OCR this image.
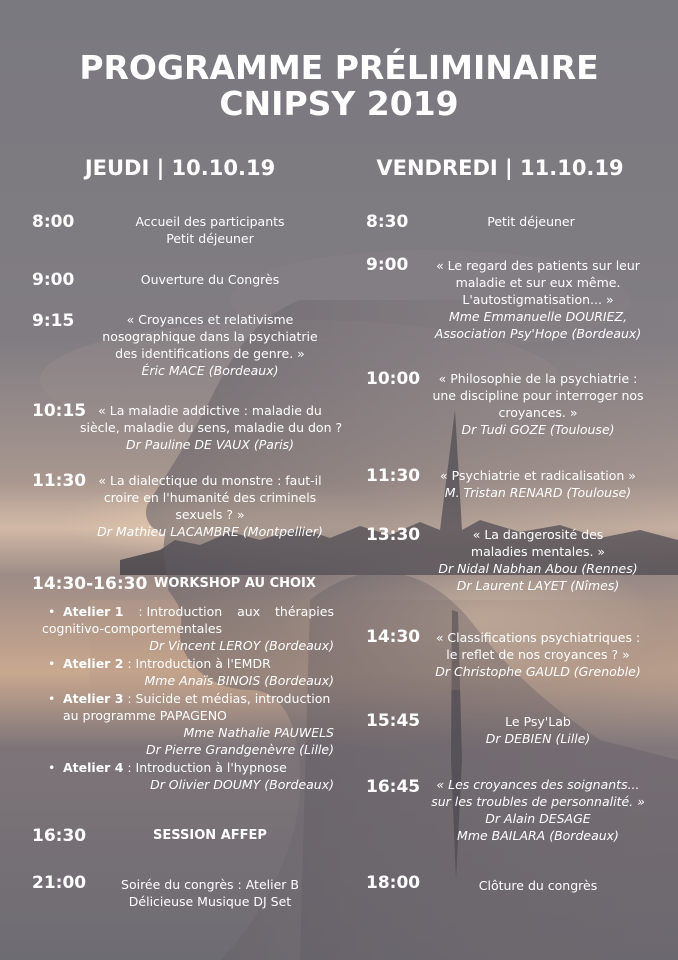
PROGRAMME PRÉLIMINAIRE
CNIPSY 2019
JEUDI | 10.10.19	VENDREDI | 11.10.19
8:00	Accueil des participants
Petit déjeuner
9:00	Ouverture du Congrès
9:15	« Croyances et relativisme
nosographique dans la psychiatrie
des identifications de genre. »
Éric MACE (Bordeaux)
10:15 « La maladie addictive : maladie du
siècle, maladie du sens, maladie du don ?
Dr Pauline DE VAUX (Paris)
11:30 « La dialectique du monstre : faut-il
croire en l'humanité des criminels
sexuels ? »
Dr Mathieu LACAMBRE (Montpellier)
14:30-16:30 WORKSHOP AU CHOIX
• Atelier 1 : Introduction aux thérapies
cognitivo-comportementales
Dr Vincent LEROY (Bordeaux)
• Atelier 2 : Introduction à l'EMDR
Mme Anaïs BINOIS (Bordeaux)
• Atelier 3 : Suicide et médias, introduction
au programme PAPAGENO
Mme Nathalie PAUWELS
Dr Pierre Grandgenèvre (Lille)
• Atelier 4 : Introduction à l'hypnose
Dr Olivier DOUMY (Bordeaux)
16:30	SESSION AFFEP
21:00	Soirée du congrès : Atelier B
Délicieuse Musique DJ Set
8:30	Petit déjeuner
9:00	« Le regard des patients sur leur
maladie et sur eux même.
L'autostigmatisation... »
Mme Emmanuelle DOURIEZ,
Association Psy'Hope (Bordeaux)
10:00	« Philosophie de la psychiatrie :
une discipline pour interroger nos
croyances. »
Dr Tudi GOZE (Toulouse)
11:30	« Psychiatrie et radicalisation »
M. Tristan RENARD (Toulouse)
13:30	« La dangerosité des
maladies mentales. »
Dr Nidal Nabhan Abou (Rennes)
Dr Laurent LAYET (Nîmes)
14:30	« Classifications psychiatriques :
le reflet de nos croyances ? »
Dr Christophe GAULD (Grenoble)
15:45	Le Psy'Lab
Dr DEBIEN (Lille)
16:45	« Les croyances des soignants...
sur les troubles de personnalité. »
Dr Alain DESAGE
Mme BAILARA (Bordeaux)
18:00	Clôture du congrès
